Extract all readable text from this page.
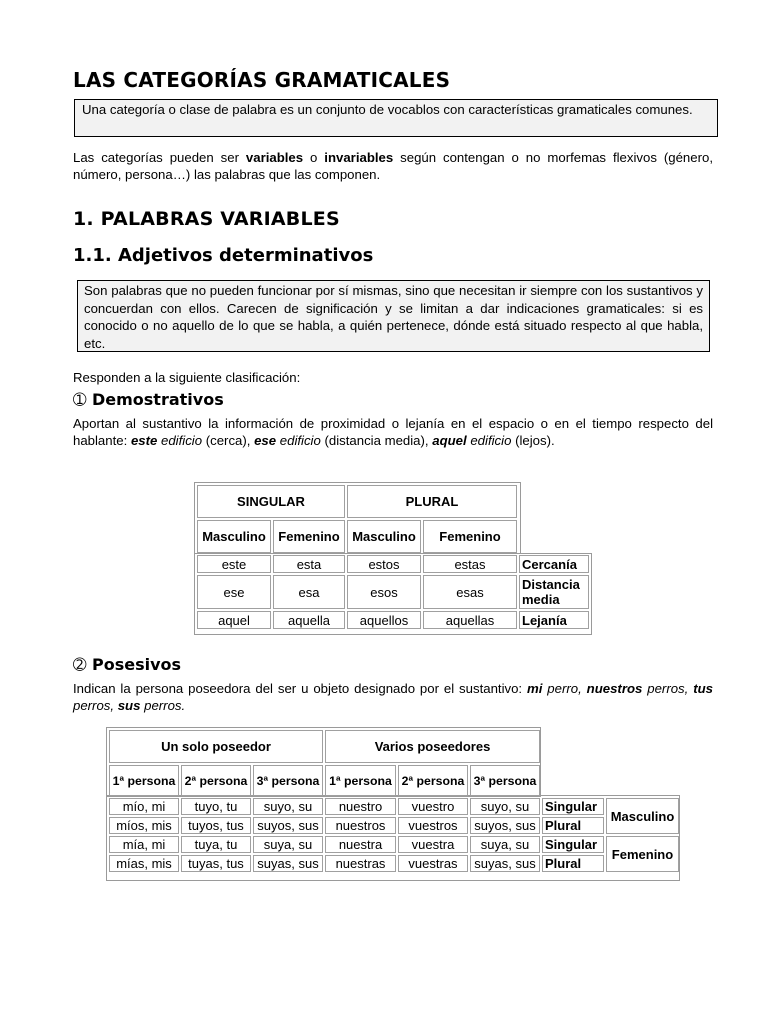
LAS CATEGORÍAS GRAMATICALES
Una categoría o clase de palabra es un conjunto de vocablos con características gramaticales comunes.
Las categorías pueden ser variables o invariables según contengan o no morfemas flexivos (género, número, persona…) las palabras que las componen.
1. PALABRAS VARIABLES
1.1. Adjetivos determinativos
Son palabras que no pueden funcionar por sí mismas, sino que necesitan ir siempre con los sustantivos y concuerdan con ellos. Carecen de significación y se limitan a dar indicaciones gramaticales: si es conocido o no aquello de lo que se habla, a quién pertenece, dónde está situado respecto al que habla, etc.
Responden a la siguiente clasificación:
➀ Demostrativos
Aportan al sustantivo la información de proximidad o lejanía en el espacio o en el tiempo respecto del hablante: este edificio (cerca), ese edificio (distancia media), aquel edificio (lejos).
SINGULAR		PLURAL		
Masculino	Femenino	Masculino	Femenino	
este	esta	estos	estas	Cercanía
ese	esa	esos	esas	Distancia media
aquel	aquella	aquellos	aquellas	Lejanía
➁ Posesivos
Indican la persona poseedora del ser u objeto designado por el sustantivo: mi perro, nuestros perros, tus perros, sus perros.
Un solo poseedor			Varios poseedores				
1ª persona	2ª persona	3ª persona	1ª persona	2ª persona	3ª persona		
mío, mi	tuyo, tu	suyo, su	nuestro	vuestro	suyo, su	Singular	Masculino
míos, mis	tuyos, tus	suyos, sus	nuestros	vuestros	suyos, sus	Plural	
mía, mi	tuya, tu	suya, su	nuestra	vuestra	suya, su	Singular	Femenino
mías, mis	tuyas, tus	suyas, sus	nuestras	vuestras	suyas, sus	Plural	
